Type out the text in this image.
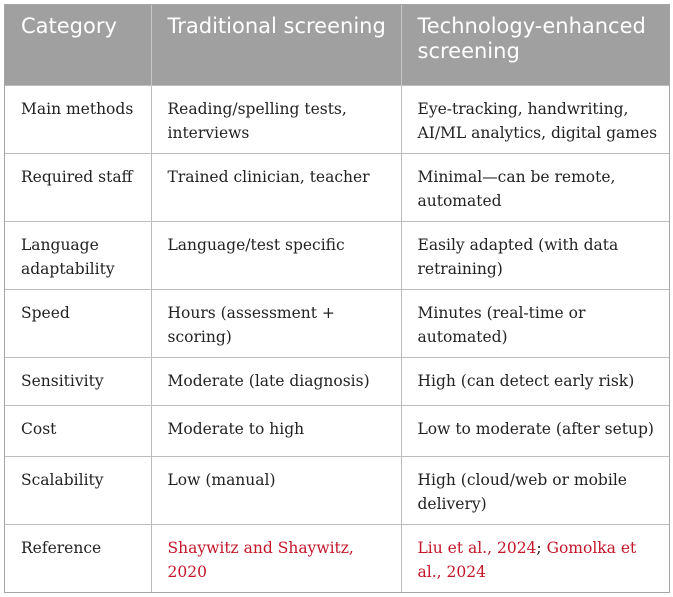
Category	Traditional screening	Technology-enhanced screening
Main methods	Reading/spelling tests, interviews	Eye-tracking, handwriting, AI/ML analytics, digital games
Required staff	Trained clinician, teacher	Minimal—can be remote, automated
Language adaptability	Language/test specific	Easily adapted (with data retraining)
Speed	Hours (assessment + scoring)	Minutes (real-time or automated)
Sensitivity	Moderate (late diagnosis)	High (can detect early risk)
Cost	Moderate to high	Low to moderate (after setup)
Scalability	Low (manual)	High (cloud/web or mobile delivery)
Reference	Shaywitz and Shaywitz, 2020	Liu et al., 2024; Gomolka et al., 2024
